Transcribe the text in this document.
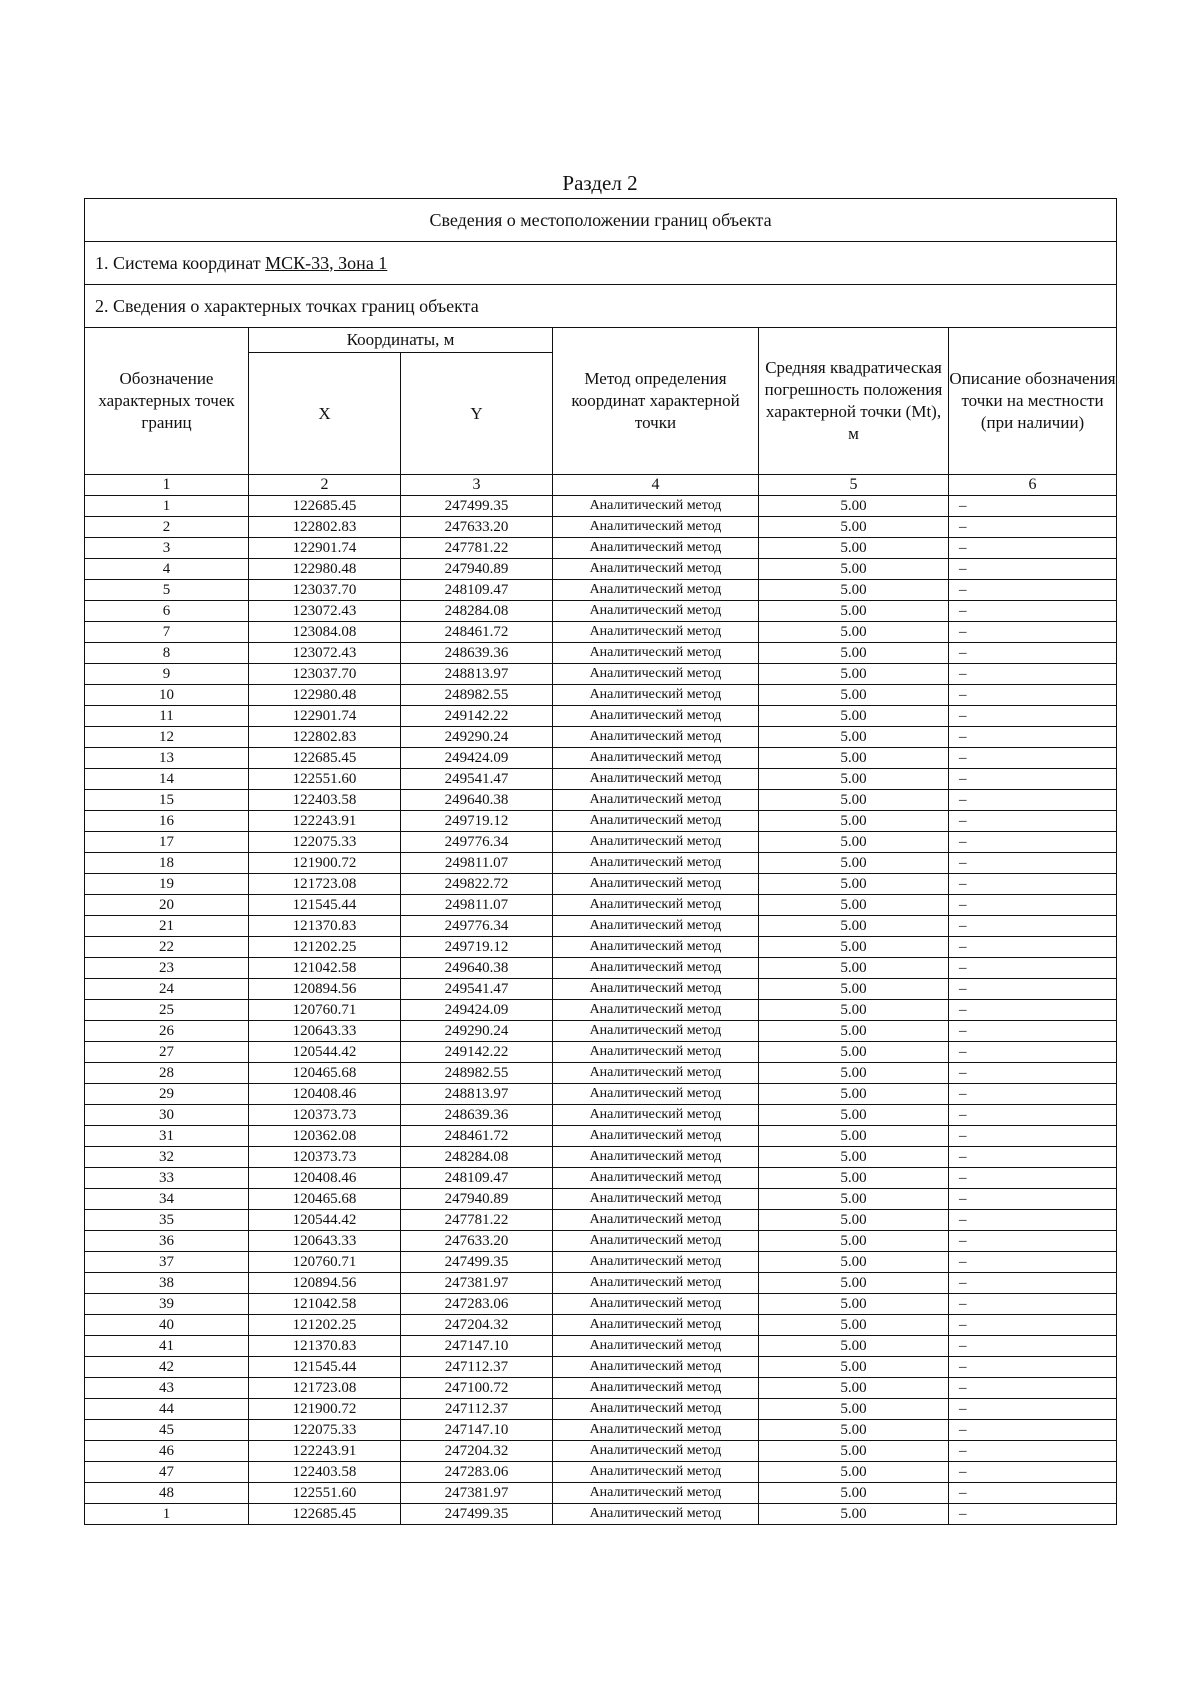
Раздел 2
Сведения о местоположении границ объекта					
1. Система координат МСК-33, Зона 1					
2. Сведения о характерных точках границ объекта					
Обозначение характерных точек границ	Координаты, м		Метод определения координат характерной точки	Средняя квадратическая погрешность положения характерной точки (Mt), м	Описание обозначения точки на местности (при наличии)
	X	Y			
1	2	3	4	5	6
1	122685.45	247499.35	Аналитический метод	5.00	–
2	122802.83	247633.20	Аналитический метод	5.00	–
3	122901.74	247781.22	Аналитический метод	5.00	–
4	122980.48	247940.89	Аналитический метод	5.00	–
5	123037.70	248109.47	Аналитический метод	5.00	–
6	123072.43	248284.08	Аналитический метод	5.00	–
7	123084.08	248461.72	Аналитический метод	5.00	–
8	123072.43	248639.36	Аналитический метод	5.00	–
9	123037.70	248813.97	Аналитический метод	5.00	–
10	122980.48	248982.55	Аналитический метод	5.00	–
11	122901.74	249142.22	Аналитический метод	5.00	–
12	122802.83	249290.24	Аналитический метод	5.00	–
13	122685.45	249424.09	Аналитический метод	5.00	–
14	122551.60	249541.47	Аналитический метод	5.00	–
15	122403.58	249640.38	Аналитический метод	5.00	–
16	122243.91	249719.12	Аналитический метод	5.00	–
17	122075.33	249776.34	Аналитический метод	5.00	–
18	121900.72	249811.07	Аналитический метод	5.00	–
19	121723.08	249822.72	Аналитический метод	5.00	–
20	121545.44	249811.07	Аналитический метод	5.00	–
21	121370.83	249776.34	Аналитический метод	5.00	–
22	121202.25	249719.12	Аналитический метод	5.00	–
23	121042.58	249640.38	Аналитический метод	5.00	–
24	120894.56	249541.47	Аналитический метод	5.00	–
25	120760.71	249424.09	Аналитический метод	5.00	–
26	120643.33	249290.24	Аналитический метод	5.00	–
27	120544.42	249142.22	Аналитический метод	5.00	–
28	120465.68	248982.55	Аналитический метод	5.00	–
29	120408.46	248813.97	Аналитический метод	5.00	–
30	120373.73	248639.36	Аналитический метод	5.00	–
31	120362.08	248461.72	Аналитический метод	5.00	–
32	120373.73	248284.08	Аналитический метод	5.00	–
33	120408.46	248109.47	Аналитический метод	5.00	–
34	120465.68	247940.89	Аналитический метод	5.00	–
35	120544.42	247781.22	Аналитический метод	5.00	–
36	120643.33	247633.20	Аналитический метод	5.00	–
37	120760.71	247499.35	Аналитический метод	5.00	–
38	120894.56	247381.97	Аналитический метод	5.00	–
39	121042.58	247283.06	Аналитический метод	5.00	–
40	121202.25	247204.32	Аналитический метод	5.00	–
41	121370.83	247147.10	Аналитический метод	5.00	–
42	121545.44	247112.37	Аналитический метод	5.00	–
43	121723.08	247100.72	Аналитический метод	5.00	–
44	121900.72	247112.37	Аналитический метод	5.00	–
45	122075.33	247147.10	Аналитический метод	5.00	–
46	122243.91	247204.32	Аналитический метод	5.00	–
47	122403.58	247283.06	Аналитический метод	5.00	–
48	122551.60	247381.97	Аналитический метод	5.00	–
1	122685.45	247499.35	Аналитический метод	5.00	–
